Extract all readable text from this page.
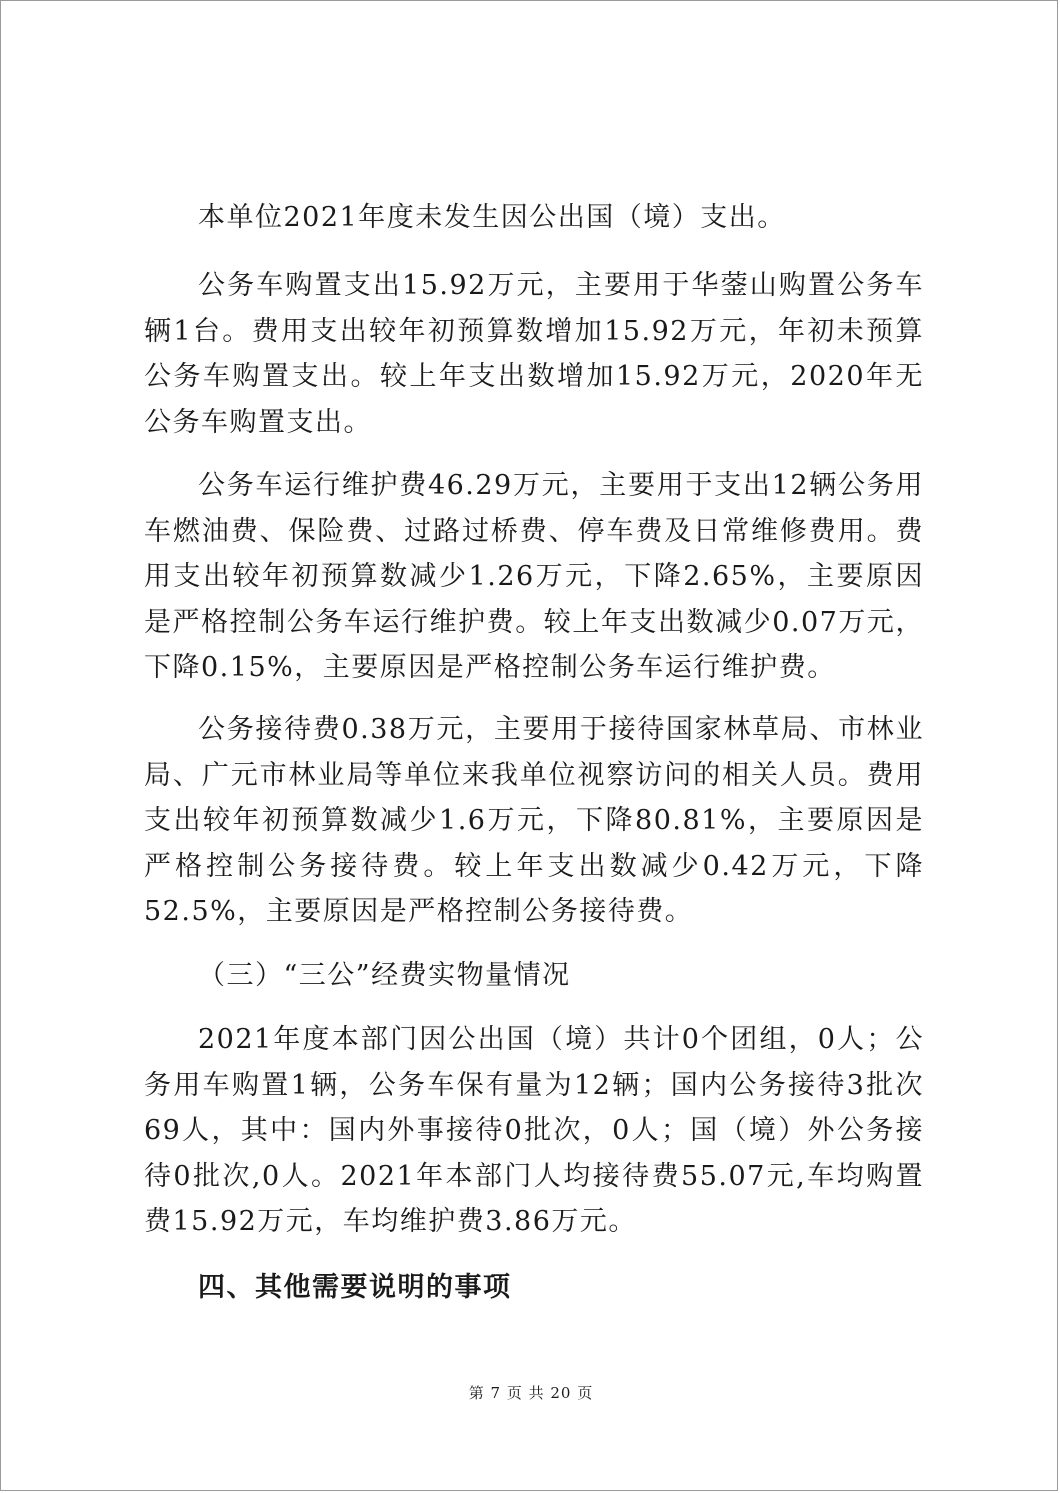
本单位2021年度未发生因公出国（境）支出。

公务车购置支出15.92万元，主要用于华蓥山购置公务车辆1台。费用支出较年初预算数增加15.92万元，年初未预算公务车购置支出。较上年支出数增加15.92万元，2020年无公务车购置支出。

公务车运行维护费46.29万元，主要用于支出12辆公务用车燃油费、保险费、过路过桥费、停车费及日常维修费用。费用支出较年初预算数减少1.26万元，下降2.65%，主要原因是严格控制公务车运行维护费。较上年支出数减少0.07万元，下降0.15%，主要原因是严格控制公务车运行维护费。

公务接待费0.38万元，主要用于接待国家林草局、市林业局、广元市林业局等单位来我单位视察访问的相关人员。费用支出较年初预算数减少1.6万元，下降80.81%，主要原因是严格控制公务接待费。较上年支出数减少0.42万元，下降52.5%，主要原因是严格控制公务接待费。

（三）“三公”经费实物量情况

2021年度本部门因公出国（境）共计0个团组，0人；公务用车购置1辆，公务车保有量为12辆；国内公务接待3批次69人，其中：国内外事接待0批次，0人；国（境）外公务接待0批次,0人。2021年本部门人均接待费55.07元,车均购置费15.92万元，车均维护费3.86万元。

四、其他需要说明的事项

第 7 页 共 20 页
